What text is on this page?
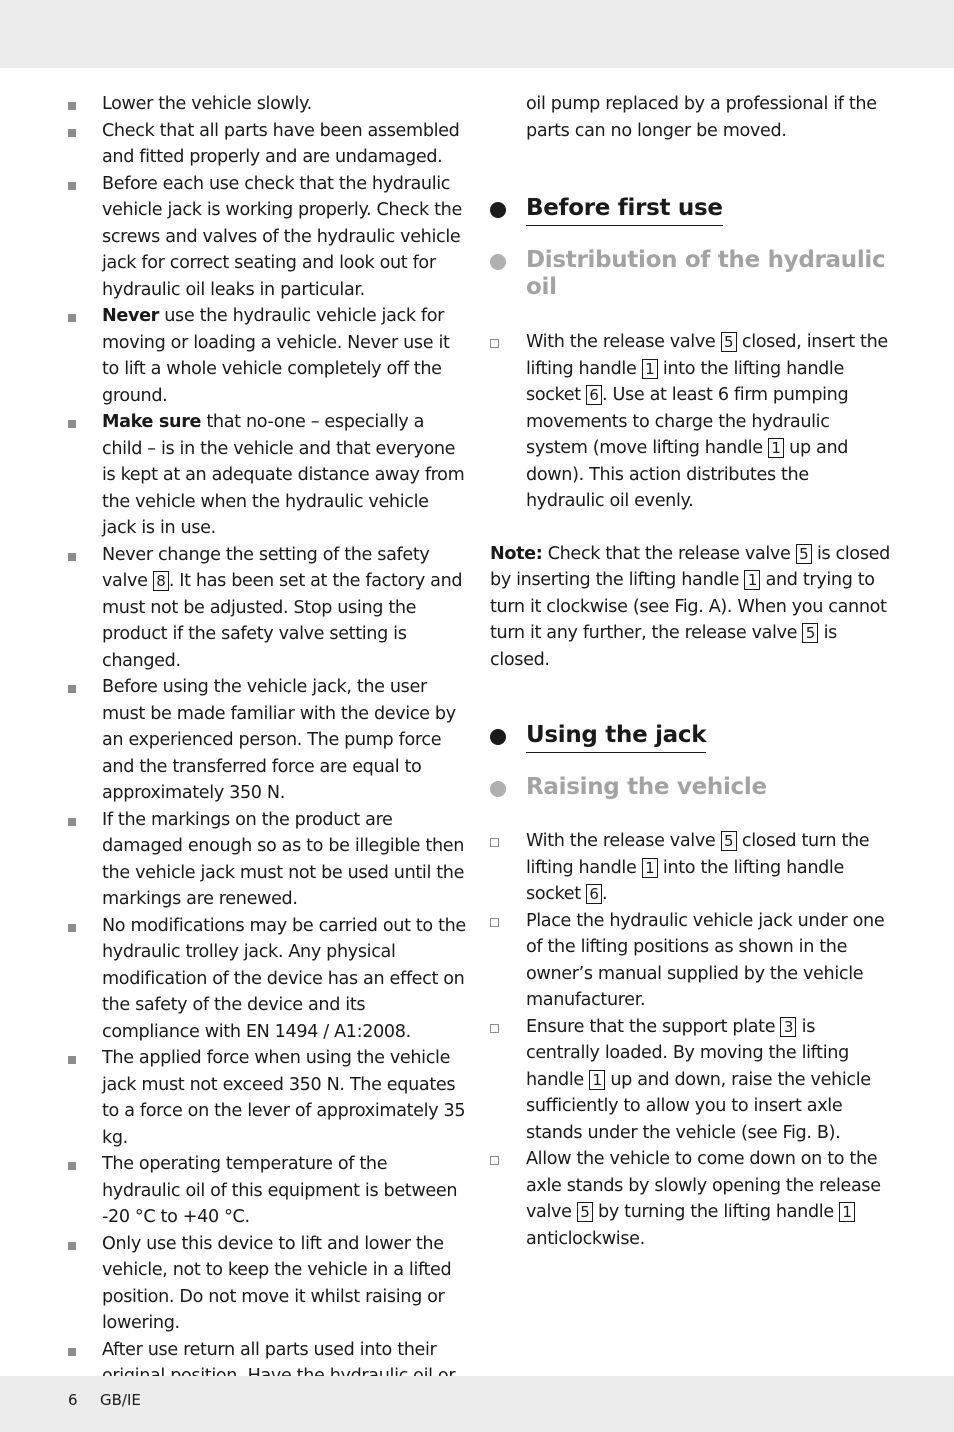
Lower the vehicle slowly.
Check that all parts have been assembled and fitted properly and are undamaged.
Before each use check that the hydraulic vehicle jack is working properly. Check the screws and valves of the hydraulic vehicle jack for correct seating and look out for hydraulic oil leaks in particular.
Never use the hydraulic vehicle jack for moving or loading a vehicle. Never use it to lift a whole vehicle completely off the ground.
Make sure that no-one – especially a child – is in the vehicle and that everyone is kept at an adequate distance away from the vehicle when the hydraulic vehicle jack is in use.
Never change the setting of the safety valve 8 . It has been set at the factory and must not be adjusted. Stop using the product if the safety valve setting is changed.
Before using the vehicle jack, the user must be made familiar with the device by an experienced person. The pump force and the transferred force are equal to approximately 350 N.
If the markings on the product are damaged enough so as to be illegible then the vehicle jack must not be used until the markings are renewed.
No modifications may be carried out to the hydraulic trolley jack. Any physical modification of the device has an effect on the safety of the device and its compliance with EN 1494 / A1:2008.
The applied force when using the vehicle jack must not exceed 350 N. The equates to a force on the lever of approximately 35 kg.
The operating temperature of the hydraulic oil of this equipment is between -20 °C to +40 °C.
Only use this device to lift and lower the vehicle, not to keep the vehicle in a lifted position. Do not move it whilst raising or lowering.
After use return all parts used into their
oil pump replaced by a professional if the parts can no longer be moved.
Before first use
Distribution of the hydraulic oil
With the release valve 5 closed, insert the lifting handle 1 into the lifting handle socket 6 . Use at least 6 firm pumping movements to charge the hydraulic system (move lifting handle 1 up and down). This action distributes the hydraulic oil evenly.
Note: Check that the release valve 5 is closed by inserting the lifting handle 1 and trying to turn it clockwise (see Fig. A). When you cannot turn it any further, the release valve 5 is closed.
Using the jack
Raising the vehicle
With the release valve 5 closed turn the lifting handle 1 into the lifting handle socket 6 .
Place the hydraulic vehicle jack under one of the lifting positions as shown in the owner’s manual supplied by the vehicle manufacturer.
Ensure that the support plate 3 is centrally loaded. By moving the lifting handle 1 up and down, raise the vehicle sufficiently to allow you to insert axle stands under the vehicle (see Fig. B).
Allow the vehicle to come down on to the axle stands by slowly opening the release valve 5 by turning the lifting handle 1 anticlockwise.
6 GB/IE
